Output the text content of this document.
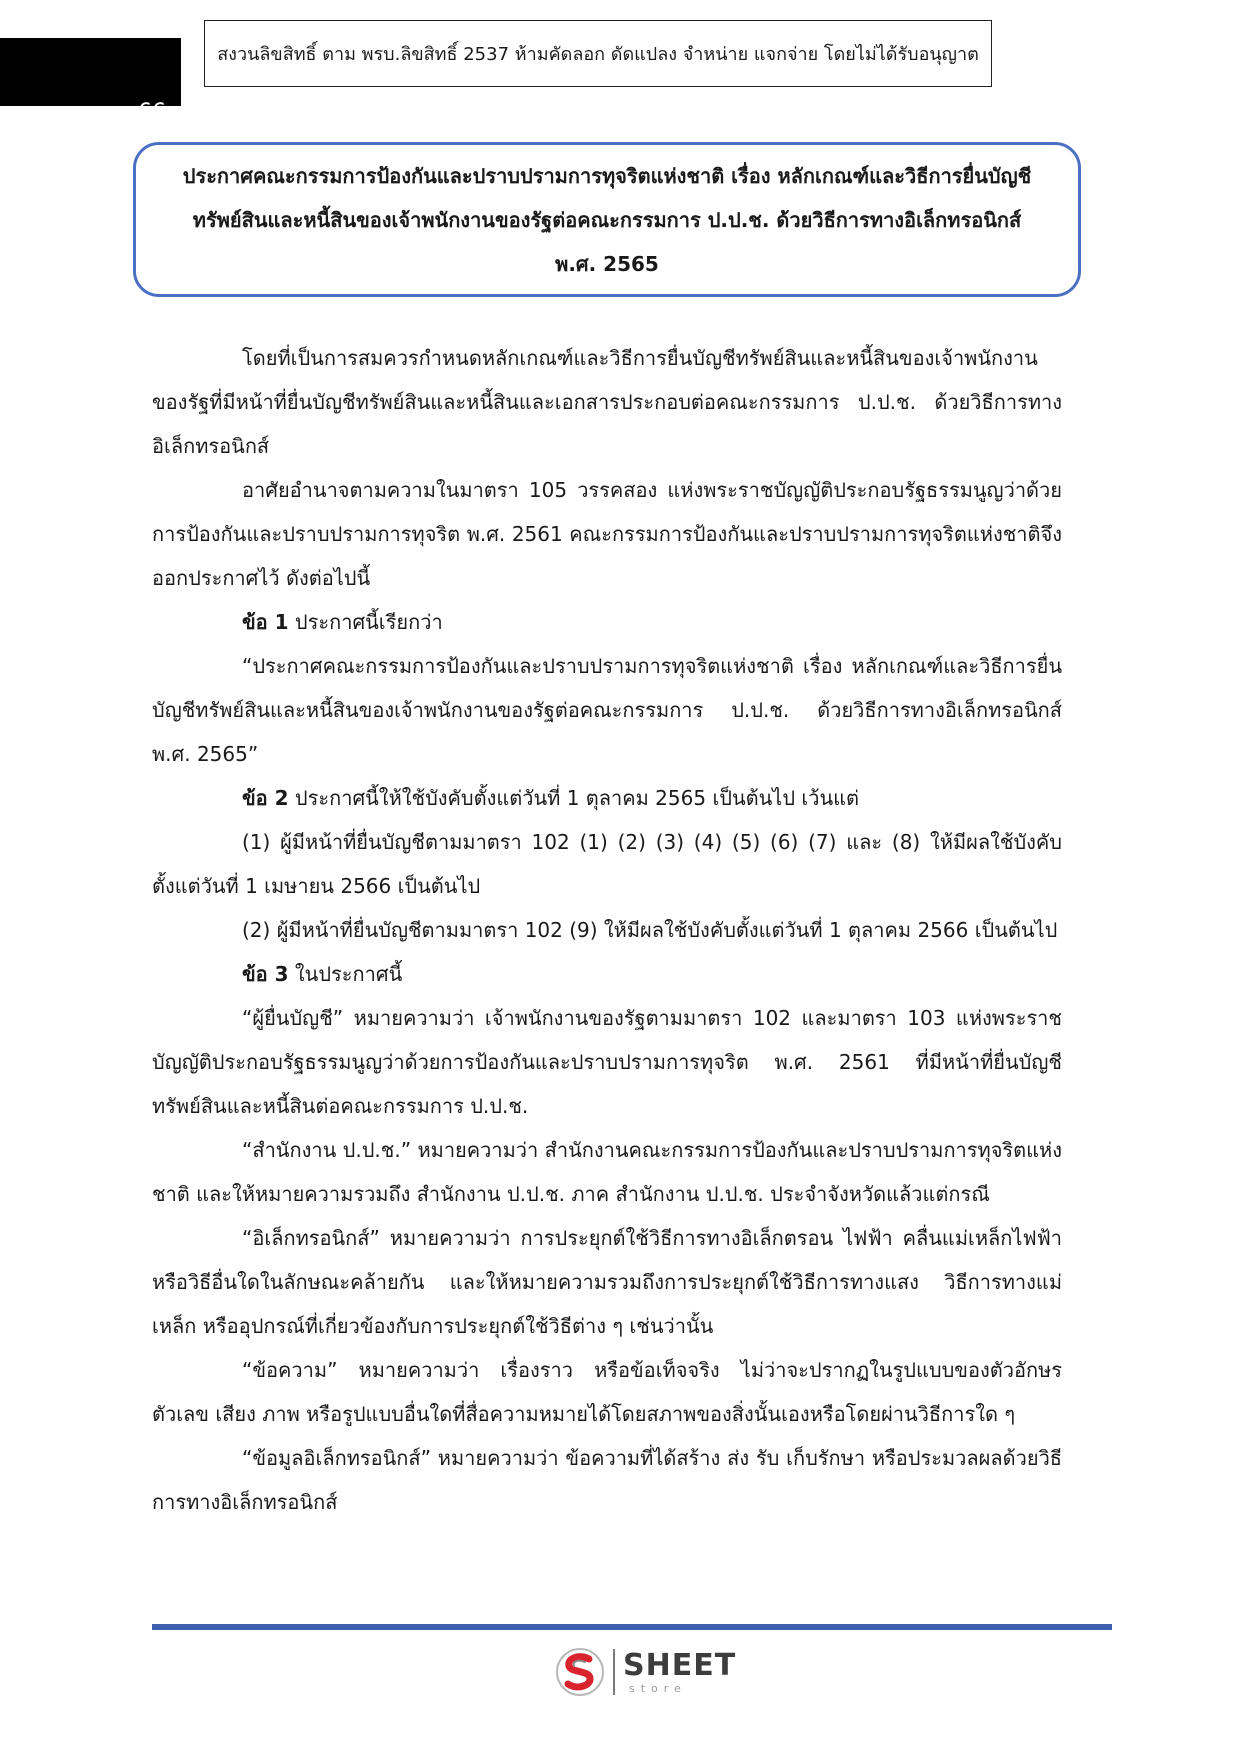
66
สงวนลิขสิทธิ์ ตาม พรบ.ลิขสิทธิ์ 2537 ห้ามคัดลอก ดัดแปลง จำหน่าย แจกจ่าย โดยไม่ได้รับอนุญาต
ประกาศคณะกรรมการป้องกันและปราบปรามการทุจริตแห่งชาติ เรื่อง หลักเกณฑ์และวิธีการยื่นบัญชี
ทรัพย์สินและหนี้สินของเจ้าพนักงานของรัฐต่อคณะกรรมการ ป.ป.ช. ด้วยวิธีการทางอิเล็กทรอนิกส์
พ.ศ. 2565

โดยที่เป็นการสมควรกำหนดหลักเกณฑ์และวิธีการยื่นบัญชีทรัพย์สินและหนี้สินของเจ้าพนักงานของรัฐที่มีหน้าที่ยื่นบัญชีทรัพย์สินและหนี้สินและเอกสารประกอบต่อคณะกรรมการ ป.ป.ช. ด้วยวิธีการทางอิเล็กทรอนิกส์

อาศัยอำนาจตามความในมาตรา 105 วรรคสอง แห่งพระราชบัญญัติประกอบรัฐธรรมนูญว่าด้วยการป้องกันและปราบปรามการทุจริต พ.ศ. 2561 คณะกรรมการป้องกันและปราบปรามการทุจริตแห่งชาติจึงออกประกาศไว้ ดังต่อไปนี้

ข้อ 1 ประกาศนี้เรียกว่า

“ประกาศคณะกรรมการป้องกันและปราบปรามการทุจริตแห่งชาติ เรื่อง หลักเกณฑ์และวิธีการยื่นบัญชีทรัพย์สินและหนี้สินของเจ้าพนักงานของรัฐต่อคณะกรรมการ ป.ป.ช. ด้วยวิธีการทางอิเล็กทรอนิกส์ พ.ศ. 2565”

ข้อ 2 ประกาศนี้ให้ใช้บังคับตั้งแต่วันที่ 1 ตุลาคม 2565 เป็นต้นไป เว้นแต่

(1) ผู้มีหน้าที่ยื่นบัญชีตามมาตรา 102 (1) (2) (3) (4) (5) (6) (7) และ (8) ให้มีผลใช้บังคับตั้งแต่วันที่ 1 เมษายน 2566 เป็นต้นไป

(2) ผู้มีหน้าที่ยื่นบัญชีตามมาตรา 102 (9) ให้มีผลใช้บังคับตั้งแต่วันที่ 1 ตุลาคม 2566 เป็นต้นไป

ข้อ 3 ในประกาศนี้

“ผู้ยื่นบัญชี” หมายความว่า เจ้าพนักงานของรัฐตามมาตรา 102 และมาตรา 103 แห่งพระราชบัญญัติประกอบรัฐธรรมนูญว่าด้วยการป้องกันและปราบปรามการทุจริต พ.ศ. 2561 ที่มีหน้าที่ยื่นบัญชีทรัพย์สินและหนี้สินต่อคณะกรรมการ ป.ป.ช.

“สำนักงาน ป.ป.ช.” หมายความว่า สำนักงานคณะกรรมการป้องกันและปราบปรามการทุจริตแห่งชาติ และให้หมายความรวมถึง สำนักงาน ป.ป.ช. ภาค สำนักงาน ป.ป.ช. ประจำจังหวัดแล้วแต่กรณี

“อิเล็กทรอนิกส์” หมายความว่า การประยุกต์ใช้วิธีการทางอิเล็กตรอน ไฟฟ้า คลื่นแม่เหล็กไฟฟ้าหรือวิธีอื่นใดในลักษณะคล้ายกัน และให้หมายความรวมถึงการประยุกต์ใช้วิธีการทางแสง วิธีการทางแม่เหล็ก หรืออุปกรณ์ที่เกี่ยวข้องกับการประยุกต์ใช้วิธีต่าง ๆ เช่นว่านั้น

“ข้อความ” หมายความว่า เรื่องราว หรือข้อเท็จจริง ไม่ว่าจะปรากฏในรูปแบบของตัวอักษร ตัวเลข เสียง ภาพ หรือรูปแบบอื่นใดที่สื่อความหมายได้โดยสภาพของสิ่งนั้นเองหรือโดยผ่านวิธีการใด ๆ

“ข้อมูลอิเล็กทรอนิกส์” หมายความว่า ข้อความที่ได้สร้าง ส่ง รับ เก็บรักษา หรือประมวลผลด้วยวิธีการทางอิเล็กทรอนิกส์

SHEET
store
